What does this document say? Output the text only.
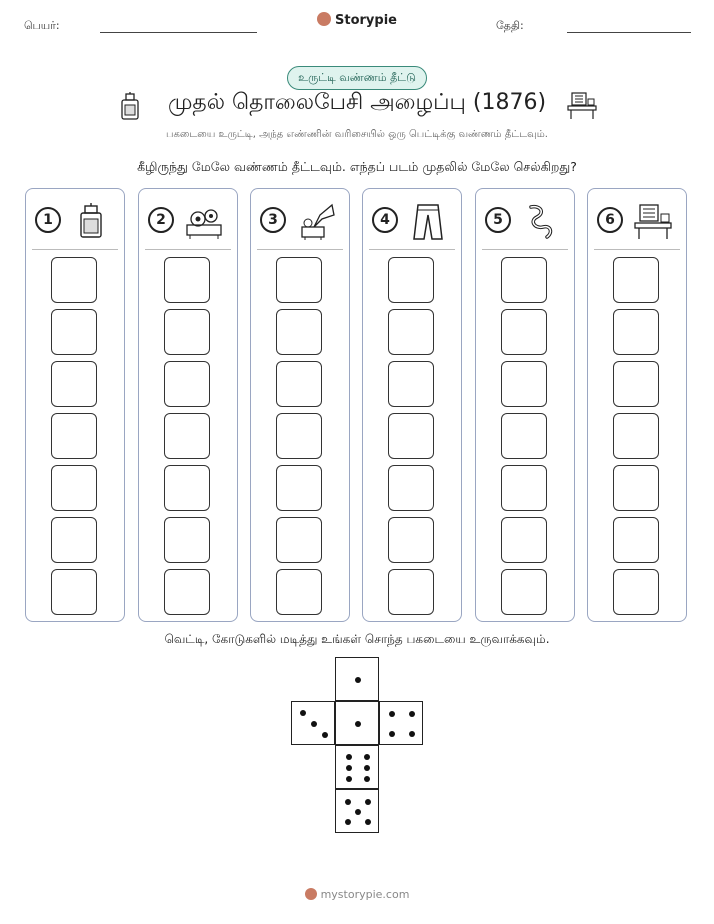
பெயர்:	Storypie	தேதி:
உருட்டி வண்ணம் தீட்டு
முதல் தொலைபேசி அழைப்பு (1876)
பகடையை உருட்டி, அந்த எண்ணின் வரிசையில் ஒரு பெட்டிக்கு வண்ணம் தீட்டவும்.
கீழிருந்து மேலே வண்ணம் தீட்டவும். எந்தப் படம் முதலில் மேலே செல்கிறது?
1	2	3	4	5	6
வெட்டி, கோடுகளில் மடித்து உங்கள் சொந்த பகடையை உருவாக்கவும்.
mystorypie.com
